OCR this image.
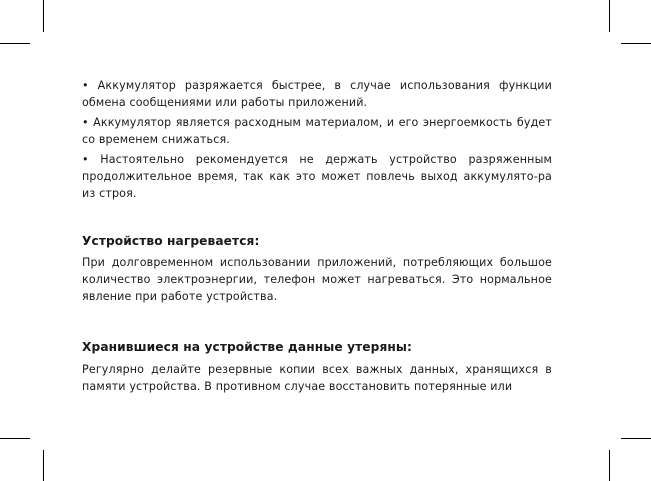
• Аккумулятор разряжается быстрее, в случае использования функции обмена сообщениями или работы приложений.

• Аккумулятор является расходным материалом, и его энергоемкость будет со временем снижаться.

• Настоятельно рекомендуется не держать устройство разряженным продолжительное время, так как это может повлечь выход аккумулято-ра из строя.

Устройство нагревается:

При долговременном использовании приложений, потребляющих большое количество электроэнергии, телефон может нагреваться. Это нормальное явление при работе устройства.

Хранившиеся на устройстве данные утеряны:

Регулярно делайте резервные копии всех важных данных, хранящихся в памяти устройства. В противном случае восстановить потерянные или
